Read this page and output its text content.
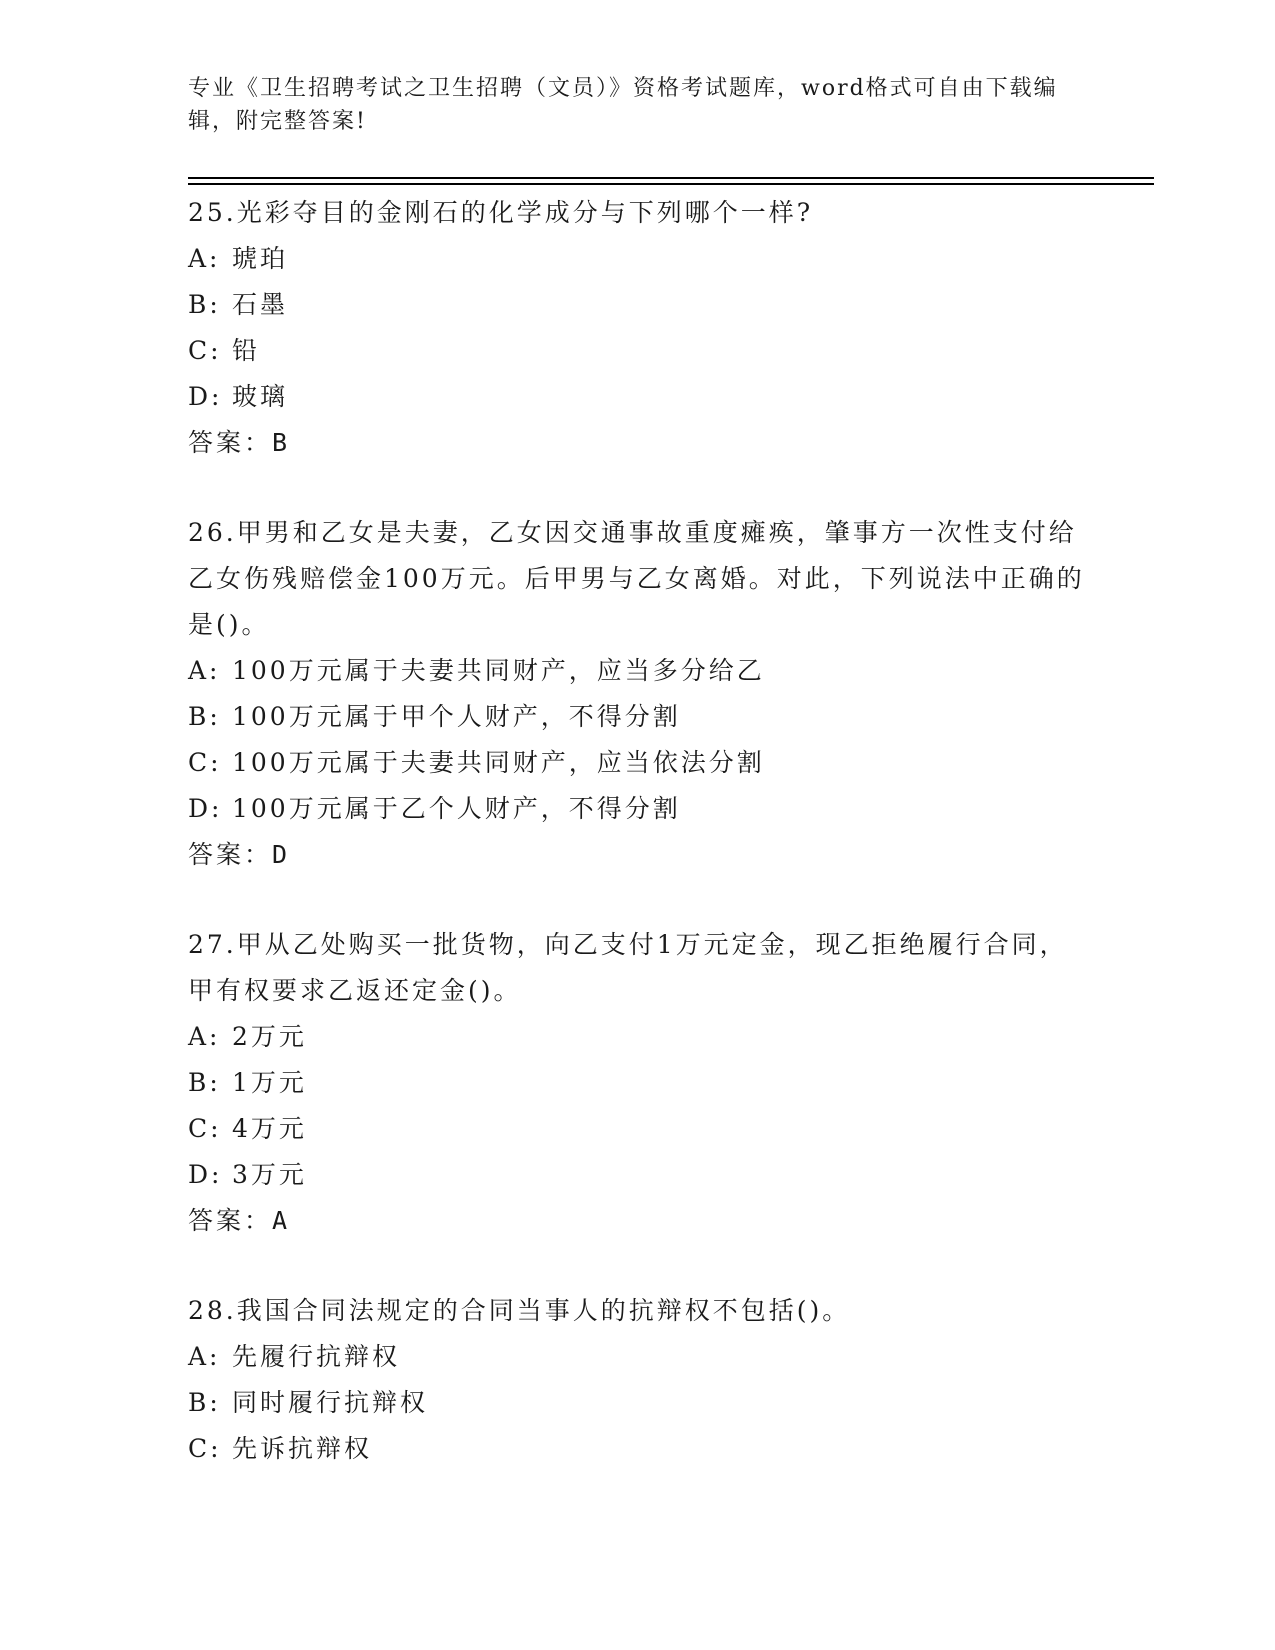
专业《卫生招聘考试之卫生招聘（文员）》资格考试题库，word格式可自由下载编辑，附完整答案!
25.光彩夺目的金刚石的化学成分与下列哪个一样?
A: 琥珀
B: 石墨
C: 铅
D: 玻璃
答案：B
26.甲男和乙女是夫妻，乙女因交通事故重度瘫痪，肇事方一次性支付给乙女伤残赔偿金100万元。后甲男与乙女离婚。对此，下列说法中正确的是()。
A: 100万元属于夫妻共同财产，应当多分给乙
B: 100万元属于甲个人财产，不得分割
C: 100万元属于夫妻共同财产，应当依法分割
D: 100万元属于乙个人财产，不得分割
答案：D
27.甲从乙处购买一批货物，向乙支付1万元定金，现乙拒绝履行合同，甲有权要求乙返还定金()。
A: 2万元
B: 1万元
C: 4万元
D: 3万元
答案：A
28.我国合同法规定的合同当事人的抗辩权不包括()。
A: 先履行抗辩权
B: 同时履行抗辩权
C: 先诉抗辩权
